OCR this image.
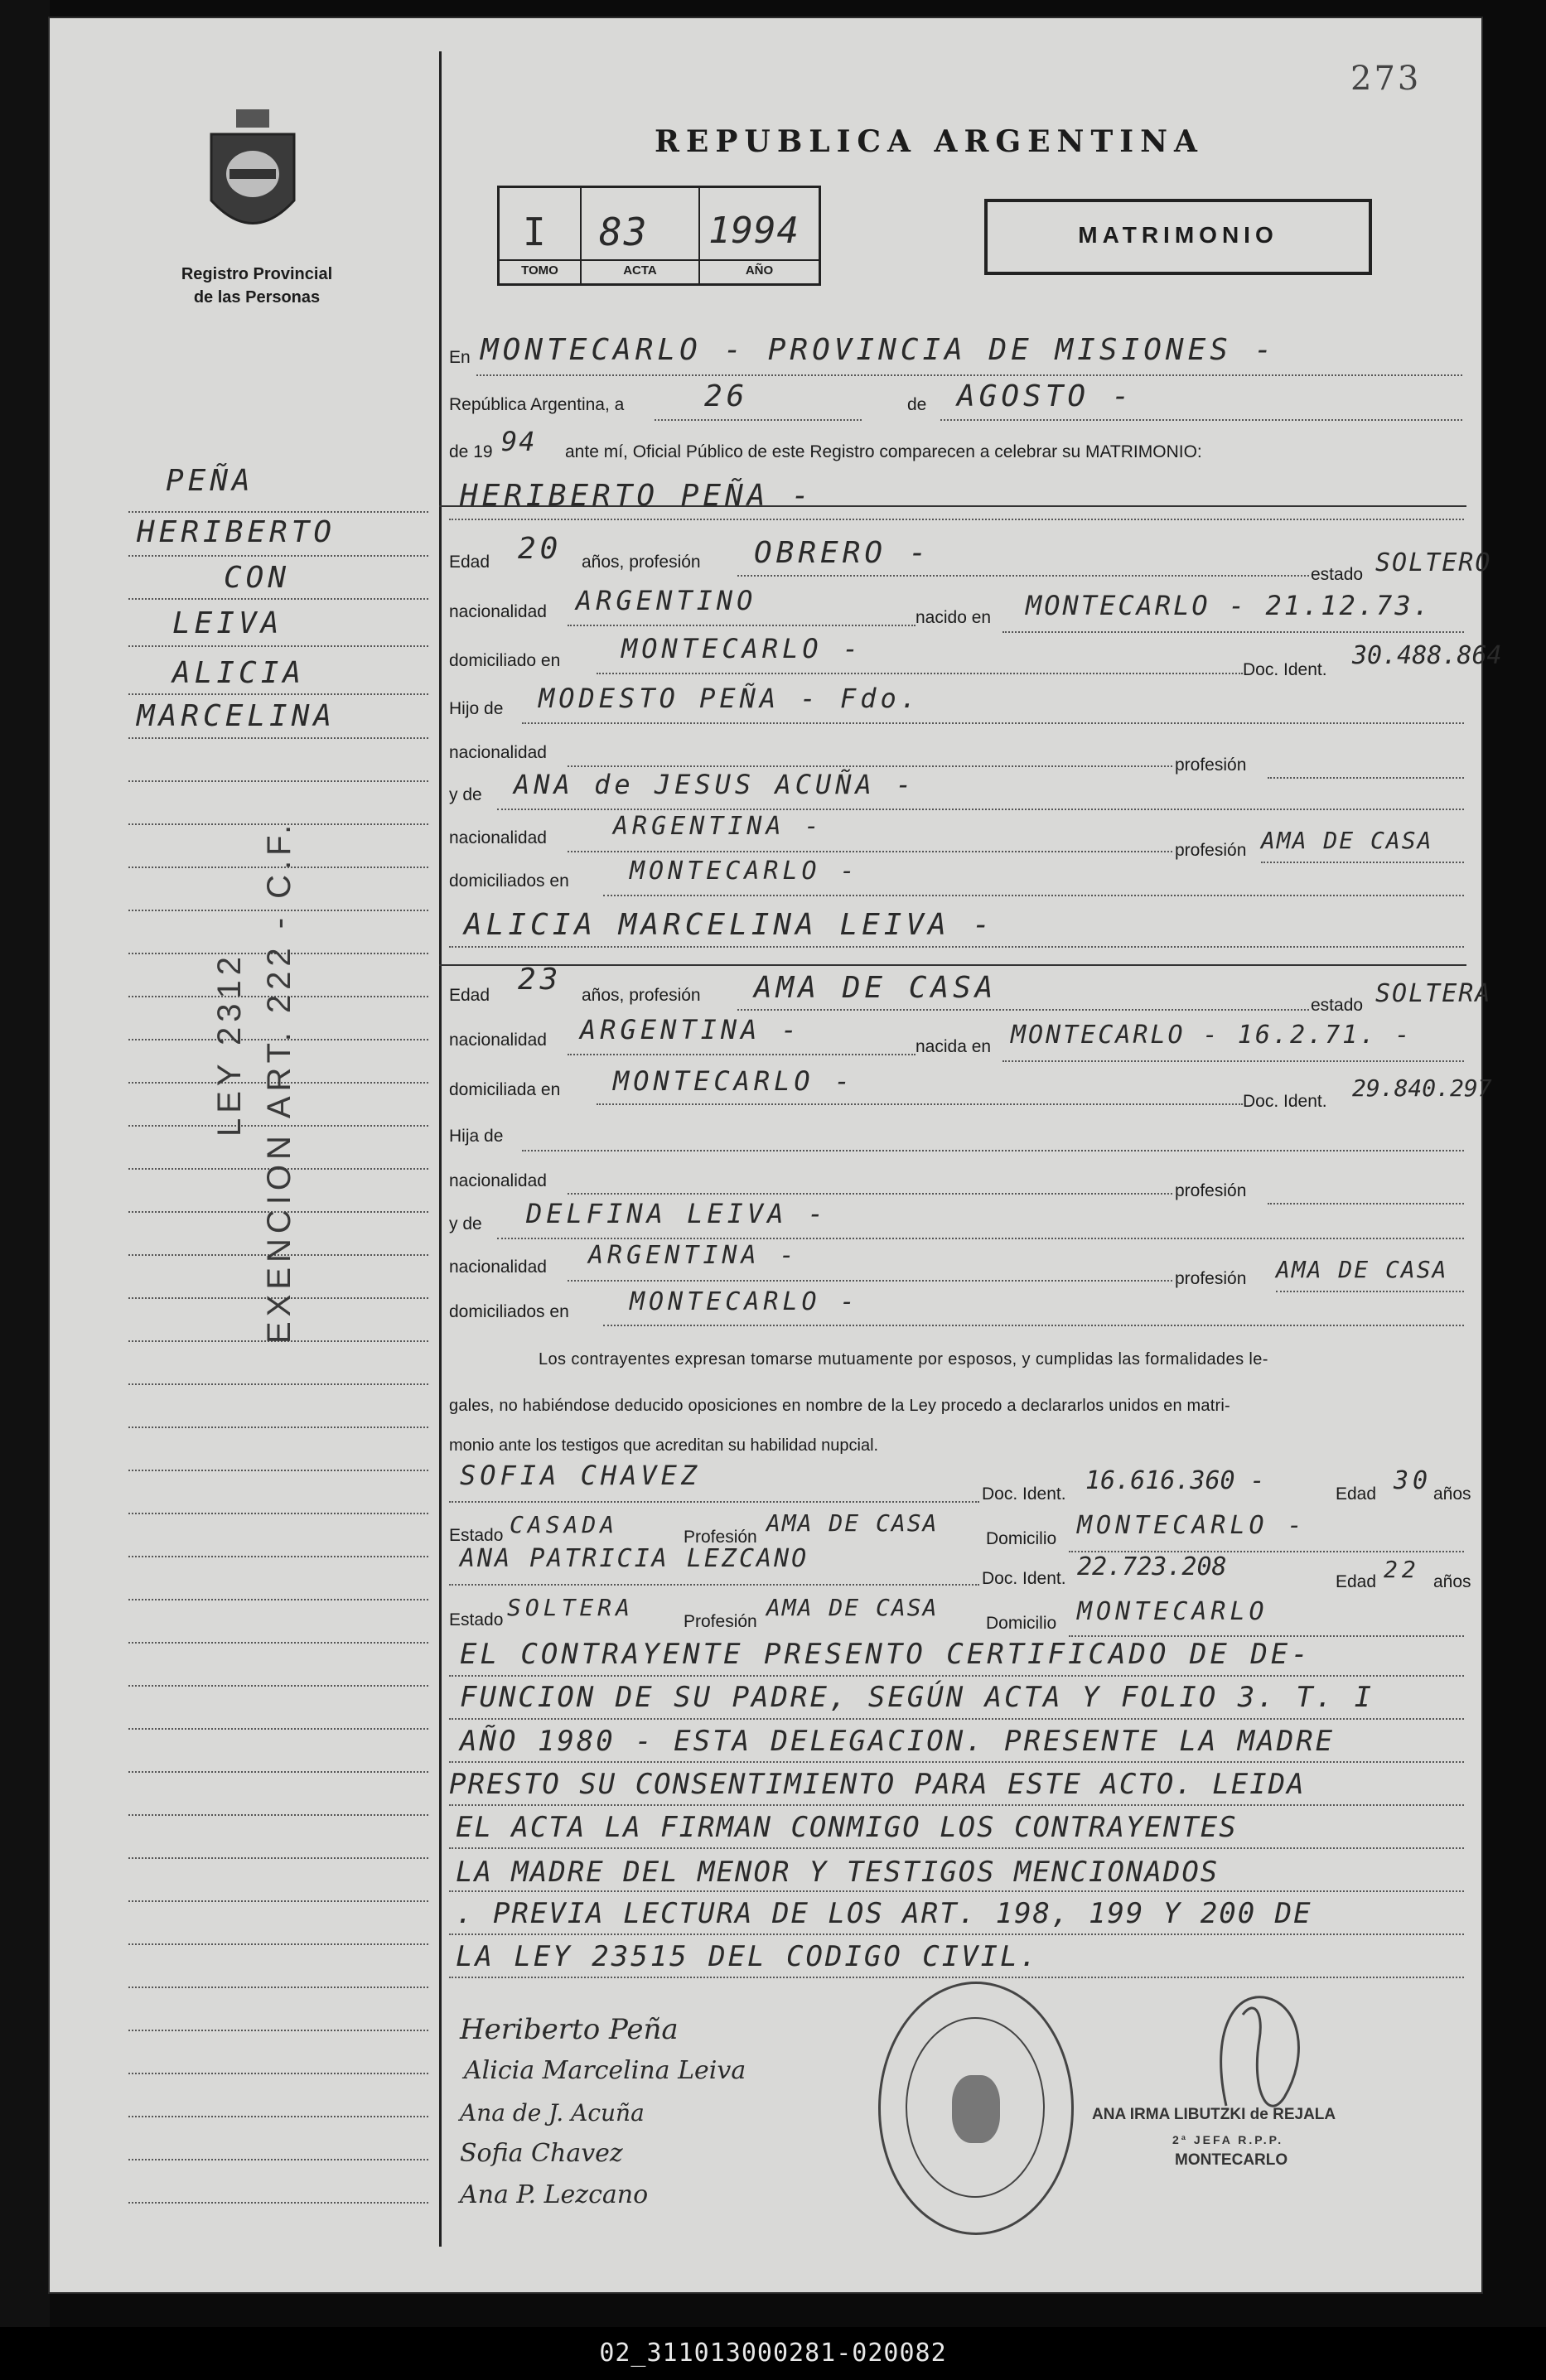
273
Registro Provincial
de las Personas
REPUBLICA ARGENTINA
I 83 1994
TOMO	ACTA	AÑO
MATRIMONIO
PEÑA
HERIBERTO
CON
LEIVA
ALICIA
MARCELINA
LEY 2312 EXENCION ART. 222 - C.F.
En MONTECARLO - PROVINCIA DE MISIONES -
República Argentina, a	26	de AGOSTO -
de 19 94 ante mí, Oficial Público de este Registro comparecen a celebrar su MATRIMONIO:
HERIBERTO PEÑA -
Edad 20 años, profesión OBRERO -
estado SOLTERO
nacionalidad ARGENTINO
nacido en MONTECARLO - 21.12.73.
domiciliado en MONTECARLO -
Doc. Ident. 30.488.864
Hijo de MODESTO PEÑA - Fdo.
nacionalidad
profesión
y de ANA de JESUS ACUÑA -
nacionalidad	ARGENTINA -
profesión AMA DE CASA
domiciliados en MONTECARLO -
ALICIA MARCELINA LEIVA -
Edad 23 años, profesión AMA DE CASA
estado SOLTERA
nacionalidad ARGENTINA -
nacida en MONTECARLO - 16.2.71. -
domiciliada en MONTECARLO -
Doc. Ident. 29.840.297
Hija de
nacionalidad
profesión
y de DELFINA LEIVA -
nacionalidad ARGENTINA -
profesión AMA DE CASA
domiciliados en MONTECARLO -
Los contrayentes expresan tomarse mutuamente por esposos, y cumplidas las formalidades le-
gales, no habiéndose deducido oposiciones en nombre de la Ley procedo a declararlos unidos en matri-
monio ante los testigos que acreditan su habilidad nupcial.
SOFIA CHAVEZ
Doc. Ident. 16.616.360 -	Edad 30 años
Estado CASADA	Profesión
AMA DE CASA
Domicilio MONTECARLO -
ANA PATRICIA LEZCANO
Doc. Ident. 22.723.208
Edad 22 años
Estado SOLTERA
Profesión
AMA DE CASA
Domicilio MONTECARLO
EL CONTRAYENTE PRESENTO CERTIFICADO DE DE-
FUNCION DE SU PADRE, SEGÚN ACTA Y FOLIO 3. T. I
AÑO 1980 - ESTA DELEGACION. PRESENTE LA MADRE
PRESTO SU CONSENTIMIENTO PARA ESTE ACTO. LEIDA
EL ACTA LA FIRMAN CONMIGO LOS CONTRAYENTES
LA MADRE DEL MENOR Y TESTIGOS MENCIONADOS
. PREVIA LECTURA DE LOS ART. 198, 199 Y 200 DE
LA LEY 23515 DEL CODIGO CIVIL.
Heriberto Peña
Alicia Marcelina Leiva
Ana de J. Acuña
Sofia Chavez
Ana P. Lezcano
ANA IRMA LIBUTZKI de REJALA
2ª JEFA R.P.P.
MONTECARLO
02_311013000281-020082
